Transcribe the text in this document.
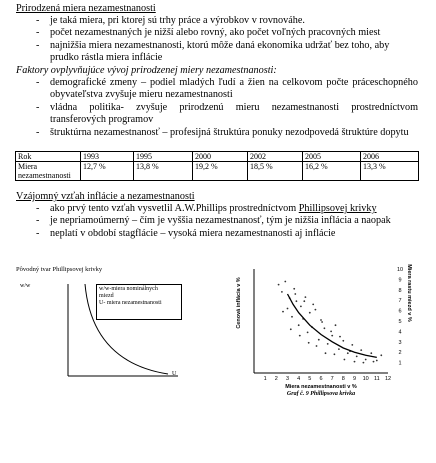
Prirodzená miera nezamestnanosti
- je taká miera, pri ktorej sú trhy práce a výrobkov v rovnováhe.
- počet nezamestnaných je nižší alebo rovný, ako počet voľných pracovných miest
- najnižšia miera nezamestnanosti, ktorú môže daná ekonomika udržať bez toho, aby prudko rástla miera inflácie
Faktory ovplyvňujúce vývoj prirodzenej miery nezamestnanosti:
- demografické zmeny – podiel mladých ľudí a žien na celkovom počte práceschopného obyvateľstva zvyšuje mieru nezamestnanosti
- vládna politika- zvyšuje prirodzenú mieru nezamestnanosti prostredníctvom transferových programov
- štruktúrna nezamestnanosť – profesijná štruktúra ponuky nezodpovedá štruktúre dopytu
Rok	1993	1995	2000	2002	2005	2006
Miera nezamestnanosti	12,7 %	13,8 %	19,2 %	18,5 %	16,2 %	13,3 %
Vzájomný vzťah inflácie a nezamestnanosti
- ako prvý tento vzťah vysvetlil A.W.Phillips prostredníctvom Phillipsovej krivky
- je nepriamoúmerný – čím je vyššia nezamestnanosť, tým je nižšia inflácia a naopak
- neplatí v období stagflácie – vysoká miera nezamestnanosti aj inflácie
Pôvodný tvar Phillipsovej krivky
w/w
U
w/w-miera nominálnych
miezd
U- miera nezamestnanosti
1 2 3 4 5 6 7 8 9 10 11 12
1
2
3
4
5
6
7
8
9
10
Cenová inflácia v %	Miera rastu miezd v %
Miera nezamestnanosti v %
Graf č. 9 Phillipsova krivka
